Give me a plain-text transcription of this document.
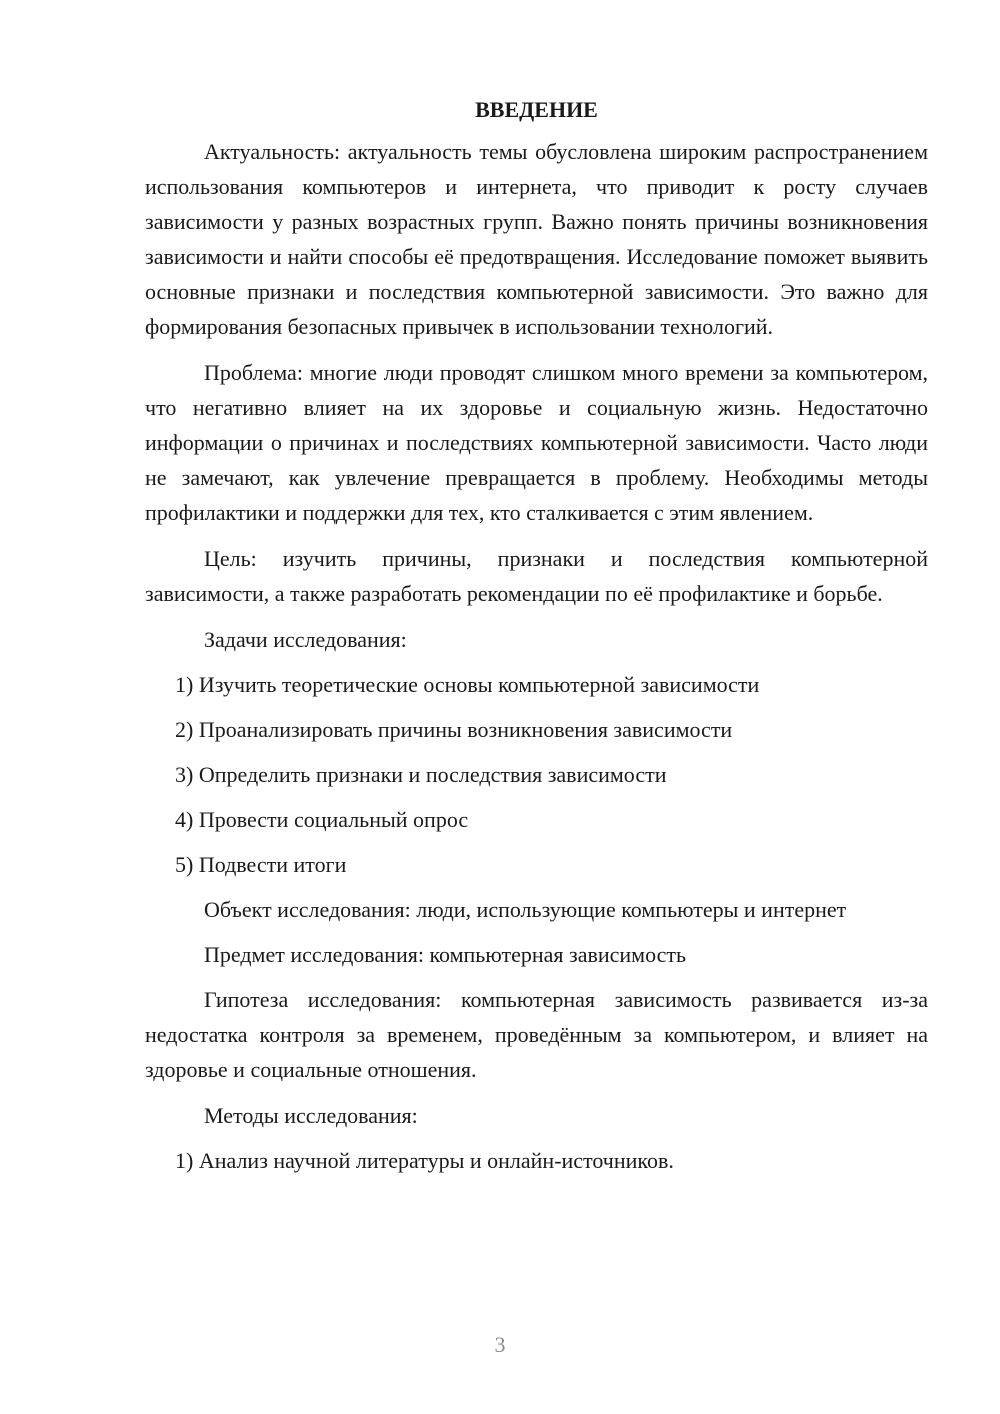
ВВЕДЕНИЕ

Актуальность: актуальность темы обусловлена широким распространением использования компьютеров и интернета, что приводит к росту случаев зависимости у разных возрастных групп. Важно понять причины возникновения зависимости и найти способы её предотвращения. Исследование поможет выявить основные признаки и последствия компьютерной зависимости. Это важно для формирования безопасных привычек в использовании технологий.

Проблема: многие люди проводят слишком много времени за компьютером, что негативно влияет на их здоровье и социальную жизнь. Недостаточно информации о причинах и последствиях компьютерной зависимости. Часто люди не замечают, как увлечение превращается в проблему. Необходимы методы профилактики и поддержки для тех, кто сталкивается с этим явлением.

Цель: изучить причины, признаки и последствия компьютерной зависимости, а также разработать рекомендации по её профилактике и борьбе.

Задачи исследования:
1) Изучить теоретические основы компьютерной зависимости
2) Проанализировать причины возникновения зависимости
3) Определить признаки и последствия зависимости
4) Провести социальный опрос
5) Подвести итоги
Объект исследования: люди, использующие компьютеры и интернет
Предмет исследования: компьютерная зависимость

Гипотеза исследования: компьютерная зависимость развивается из-за недостатка контроля за временем, проведённым за компьютером, и влияет на здоровье и социальные отношения.

Методы исследования:
1) Анализ научной литературы и онлайн-источников.
3
